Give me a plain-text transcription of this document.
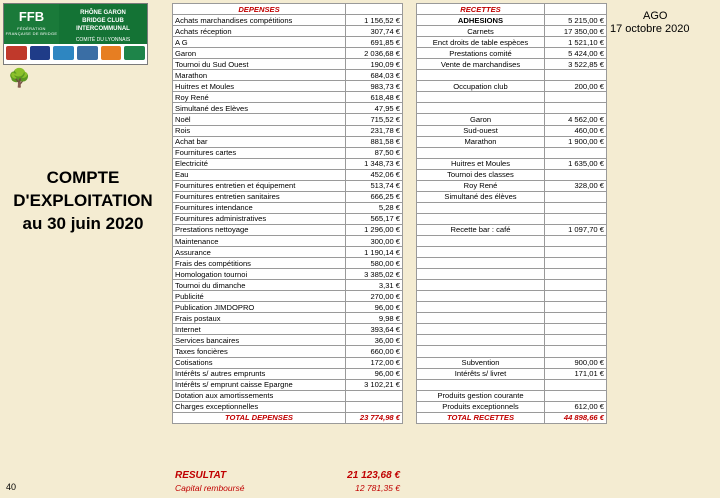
FFB
FÉDÉRATION FRANÇAISE DE BRIDGE
RHÔNE GARON
BRIDGE CLUB
INTERCOMMUNAL
COMITÉ DU LYONNAIS
🌳
AGO
17 octobre 2020
COMPTE
D'EXPLOITATION
au 30 juin 2020
DEPENSES	
Achats marchandises compétitions	1 156,52 €
Achats réception	307,74 €
A G	691,85 €
Garon	2 036,68 €
Tournoi du Sud Ouest	190,09 €
Marathon	684,03 €
Huitres et Moules	983,73 €
Roy René	618,48 €
Simultané des Elèves	47,95 €
Noël	715,52 €
Rois	231,78 €
Achat bar	881,58 €
Fournitures cartes	87,50 €
Electricité	1 348,73 €
Eau	452,06 €
Fournitures entretien et équipement	513,74 €
Fournitures entretien sanitaires	666,25 €
Fournitures intendance	5,28 €
Fournitures administratives	565,17 €
Prestations nettoyage	1 296,00 €
Maintenance	300,00 €
Assurance	1 190,14 €
Frais des compétitions	580,00 €
Homologation tournoi	3 385,02 €
Tournoi du dimanche	3,31 €
Publicité	270,00 €
Publication JIMDOPRO	96,00 €
Frais postaux	9,98 €
Internet	393,64 €
Services bancaires	36,00 €
Taxes foncières	660,00 €
Cotisations	172,00 €
Intérêts s/ autres emprunts	96,00 €
Intérêts s/ emprunt caisse Epargne	3 102,21 €
Dotation aux amortissements	
Charges exceptionnelles	
TOTAL DEPENSES	23 774,98 €
RECETTES	
ADHESIONS	5 215,00 €
Carnets	17 350,00 €
Enct droits de table espèces	1 521,10 €
Prestations comité	5 424,00 €
Vente de marchandises	3 522,85 €

Occupation club	200,00 €

Garon	4 562,00 €
Sud-ouest	460,00 €
Marathon	1 900,00 €

Huitres et Moules	1 635,00 €
Tournoi des classes	
Roy René	328,00 €
Simultané des élèves	

Recette bar : café	1 097,70 €

Subvention	900,00 €
Intérêts s/ livret	171,01 €

Produits gestion courante	
Produits exceptionnels	612,00 €
TOTAL RECETTES	44 898,66 €
RESULTAT	21 123,68 €
Capital remboursé	12 781,35 €
40
